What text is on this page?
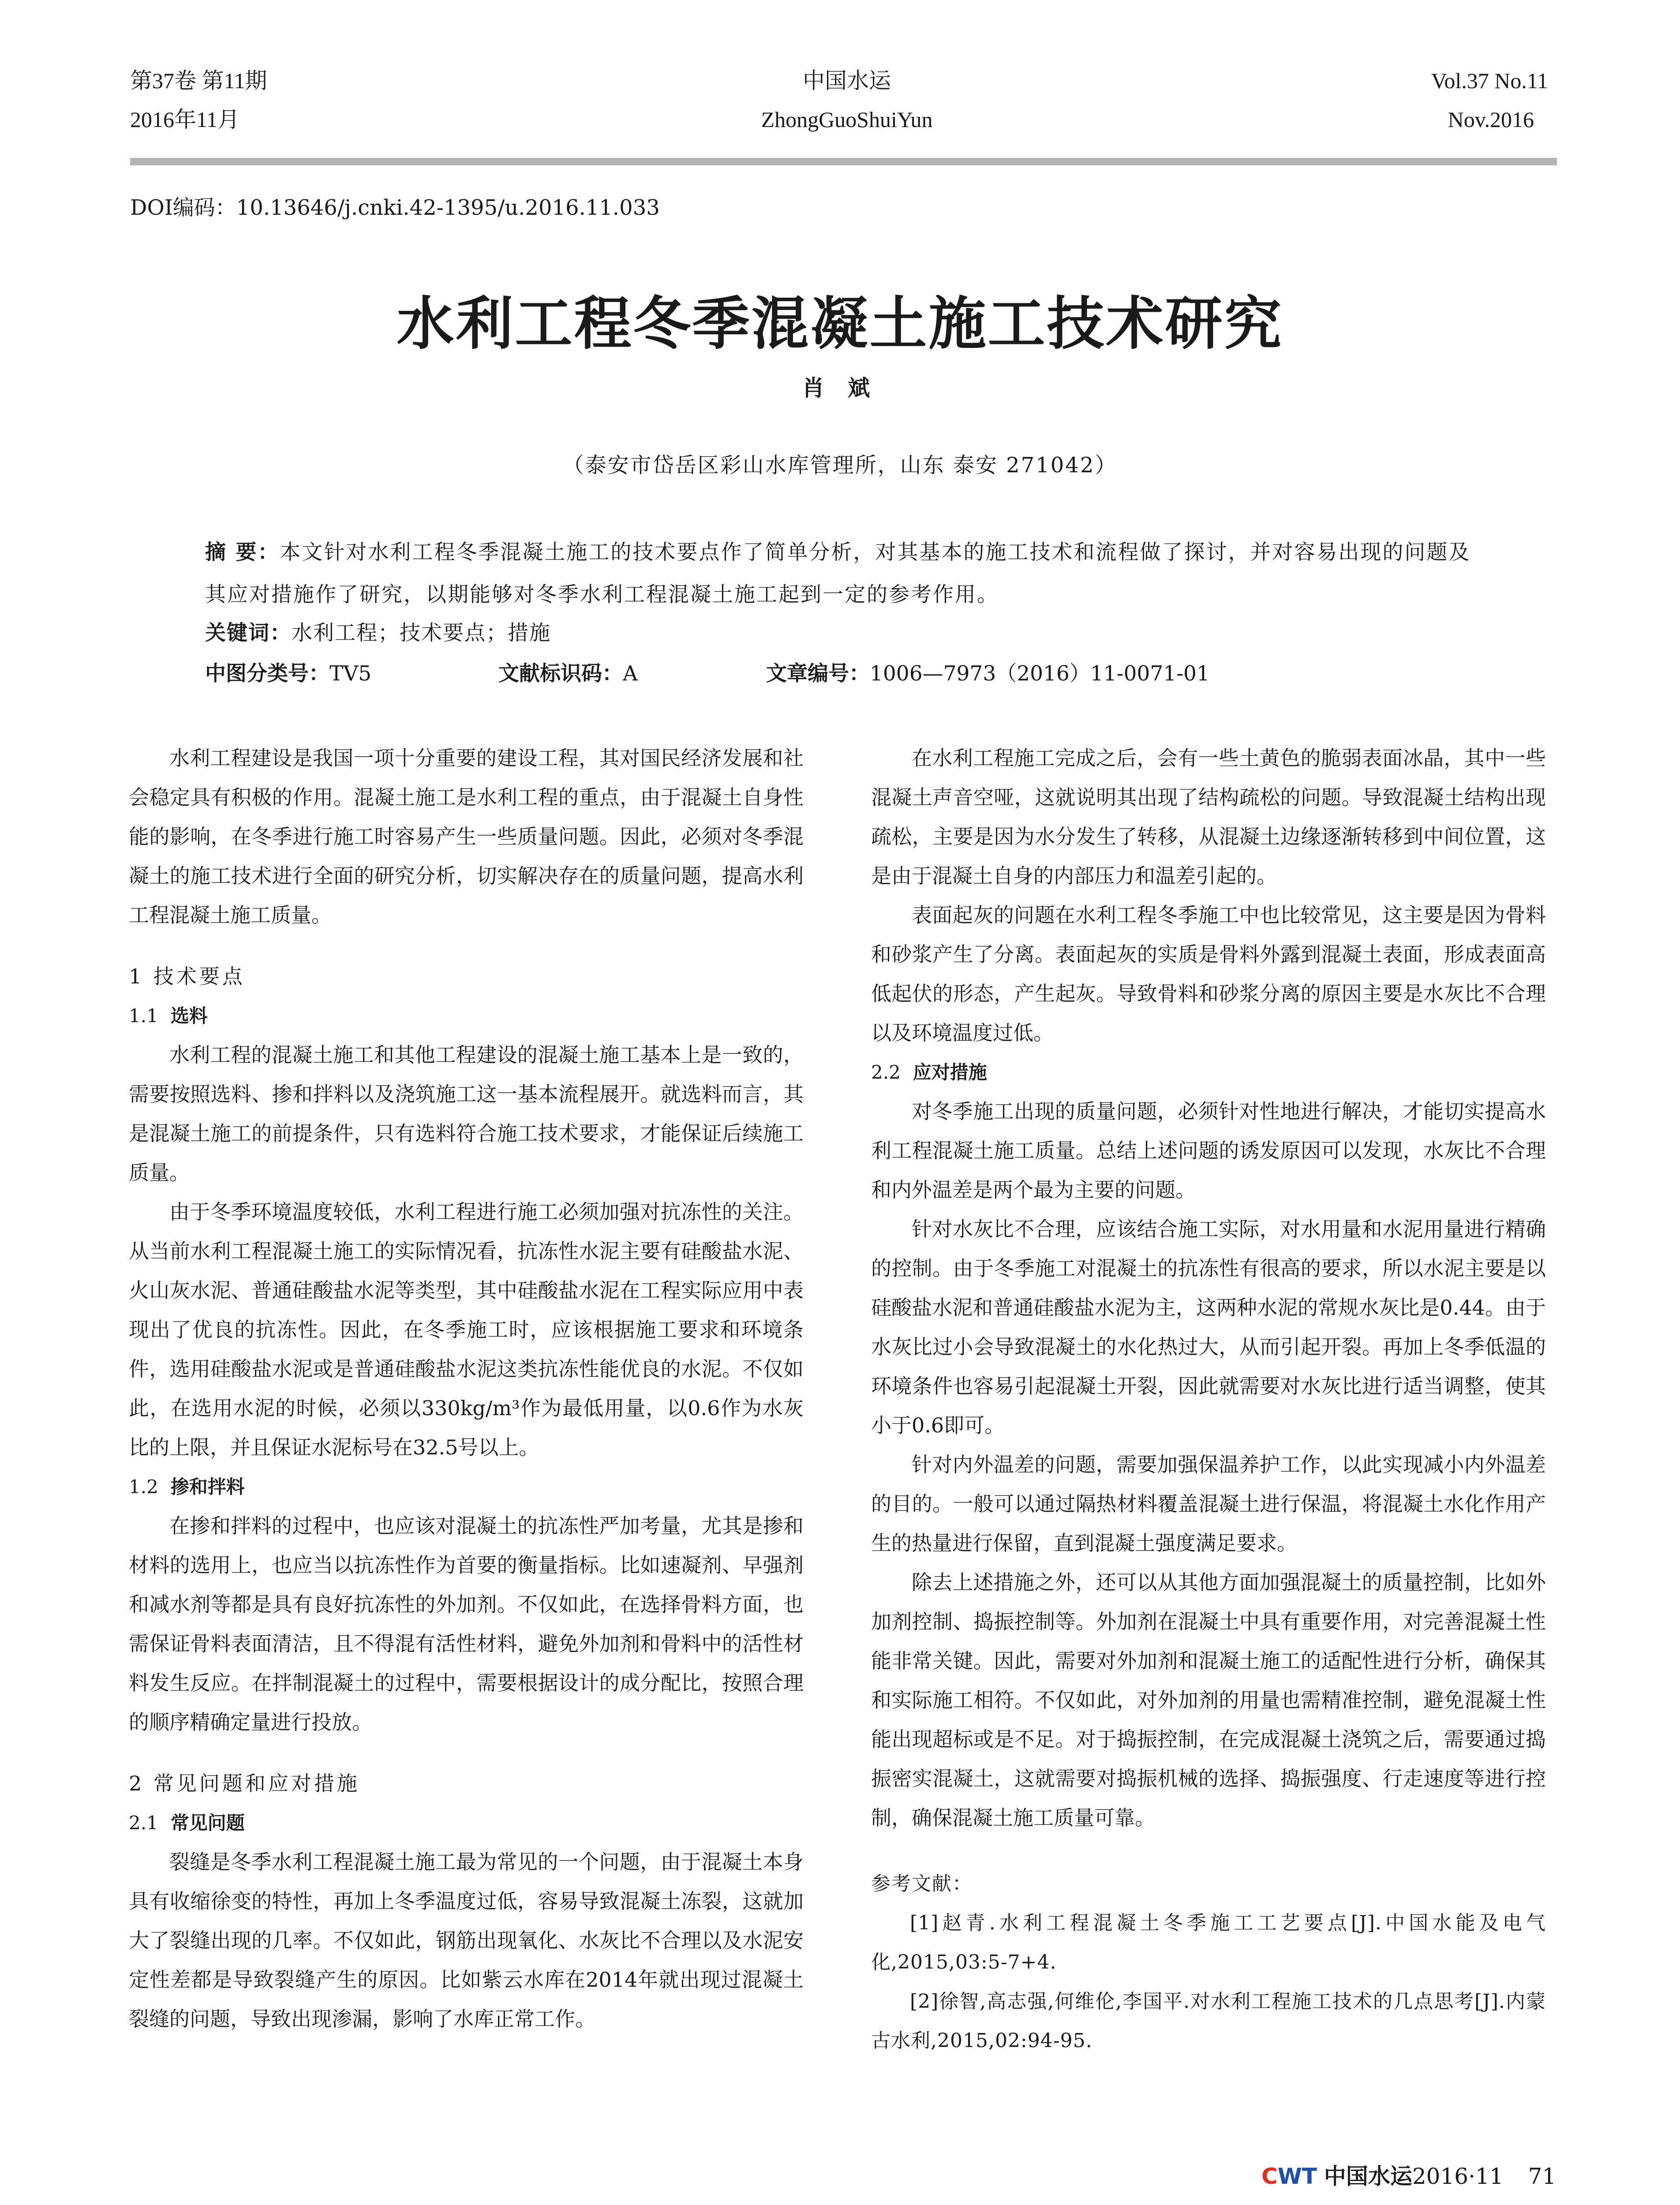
第37卷 第11期
2016年11月
中国水运
ZhongGuoShuiYun
Vol.37 No.11
Nov.2016
DOI编码：10.13646/j.cnki.42-1395/u.2016.11.033
水利工程冬季混凝土施工技术研究
肖 斌
（泰安市岱岳区彩山水库管理所，山东 泰安 271042）
摘 要：本文针对水利工程冬季混凝土施工的技术要点作了简单分析，对其基本的施工技术和流程做了探讨，并对容易出现的问题及其应对措施作了研究，以期能够对冬季水利工程混凝土施工起到一定的参考作用。
关键词：水利工程；技术要点；措施
中图分类号：TV5	文献标识码：A	文章编号：1006—7973（2016）11-0071-01

水利工程建设是我国一项十分重要的建设工程，其对国民经济发展和社会稳定具有积极的作用。混凝土施工是水利工程的重点，由于混凝土自身性能的影响，在冬季进行施工时容易产生一些质量问题。因此，必须对冬季混凝土的施工技术进行全面的研究分析，切实解决存在的质量问题，提高水利工程混凝土施工质量。

1 技术要点
1.1 选料

水利工程的混凝土施工和其他工程建设的混凝土施工基本上是一致的，需要按照选料、掺和拌料以及浇筑施工这一基本流程展开。就选料而言，其是混凝土施工的前提条件，只有选料符合施工技术要求，才能保证后续施工质量。

由于冬季环境温度较低，水利工程进行施工必须加强对抗冻性的关注。从当前水利工程混凝土施工的实际情况看，抗冻性水泥主要有硅酸盐水泥、火山灰水泥、普通硅酸盐水泥等类型，其中硅酸盐水泥在工程实际应用中表现出了优良的抗冻性。因此，在冬季施工时，应该根据施工要求和环境条件，选用硅酸盐水泥或是普通硅酸盐水泥这类抗冻性能优良的水泥。不仅如此，在选用水泥的时候，必须以330kg/m³作为最低用量，以0.6作为水灰比的上限，并且保证水泥标号在32.5号以上。

1.2 掺和拌料

在掺和拌料的过程中，也应该对混凝土的抗冻性严加考量，尤其是掺和材料的选用上，也应当以抗冻性作为首要的衡量指标。比如速凝剂、早强剂和减水剂等都是具有良好抗冻性的外加剂。不仅如此，在选择骨料方面，也需保证骨料表面清洁，且不得混有活性材料，避免外加剂和骨料中的活性材料发生反应。在拌制混凝土的过程中，需要根据设计的成分配比，按照合理的顺序精确定量进行投放。

2 常见问题和应对措施
2.1 常见问题

裂缝是冬季水利工程混凝土施工最为常见的一个问题，由于混凝土本身具有收缩徐变的特性，再加上冬季温度过低，容易导致混凝土冻裂，这就加大了裂缝出现的几率。不仅如此，钢筋出现氧化、水灰比不合理以及水泥安定性差都是导致裂缝产生的原因。比如紫云水库在2014年就出现过混凝土裂缝的问题，导致出现渗漏，影响了水库正常工作。

在水利工程施工完成之后，会有一些土黄色的脆弱表面冰晶，其中一些混凝土声音空哑，这就说明其出现了结构疏松的问题。导致混凝土结构出现疏松，主要是因为水分发生了转移，从混凝土边缘逐渐转移到中间位置，这是由于混凝土自身的内部压力和温差引起的。

表面起灰的问题在水利工程冬季施工中也比较常见，这主要是因为骨料和砂浆产生了分离。表面起灰的实质是骨料外露到混凝土表面，形成表面高低起伏的形态，产生起灰。导致骨料和砂浆分离的原因主要是水灰比不合理以及环境温度过低。

2.2 应对措施

对冬季施工出现的质量问题，必须针对性地进行解决，才能切实提高水利工程混凝土施工质量。总结上述问题的诱发原因可以发现，水灰比不合理和内外温差是两个最为主要的问题。

针对水灰比不合理，应该结合施工实际，对水用量和水泥用量进行精确的控制。由于冬季施工对混凝土的抗冻性有很高的要求，所以水泥主要是以硅酸盐水泥和普通硅酸盐水泥为主，这两种水泥的常规水灰比是0.44。由于水灰比过小会导致混凝土的水化热过大，从而引起开裂。再加上冬季低温的环境条件也容易引起混凝土开裂，因此就需要对水灰比进行适当调整，使其小于0.6即可。

针对内外温差的问题，需要加强保温养护工作，以此实现减小内外温差的目的。一般可以通过隔热材料覆盖混凝土进行保温，将混凝土水化作用产生的热量进行保留，直到混凝土强度满足要求。

除去上述措施之外，还可以从其他方面加强混凝土的质量控制，比如外加剂控制、捣振控制等。外加剂在混凝土中具有重要作用，对完善混凝土性能非常关键。因此，需要对外加剂和混凝土施工的适配性进行分析，确保其和实际施工相符。不仅如此，对外加剂的用量也需精准控制，避免混凝土性能出现超标或是不足。对于捣振控制，在完成混凝土浇筑之后，需要通过捣振密实混凝土，这就需要对捣振机械的选择、捣振强度、行走速度等进行控制，确保混凝土施工质量可靠。

参考文献：

[1]赵青.水利工程混凝土冬季施工工艺要点[J].中国水能及电气化,2015,03:5-7+4.

[2]徐智,高志强,何维伦,李国平.对水利工程施工技术的几点思考[J].内蒙古水利,2015,02:94-95.

CWT 中国水运2016·11 71
